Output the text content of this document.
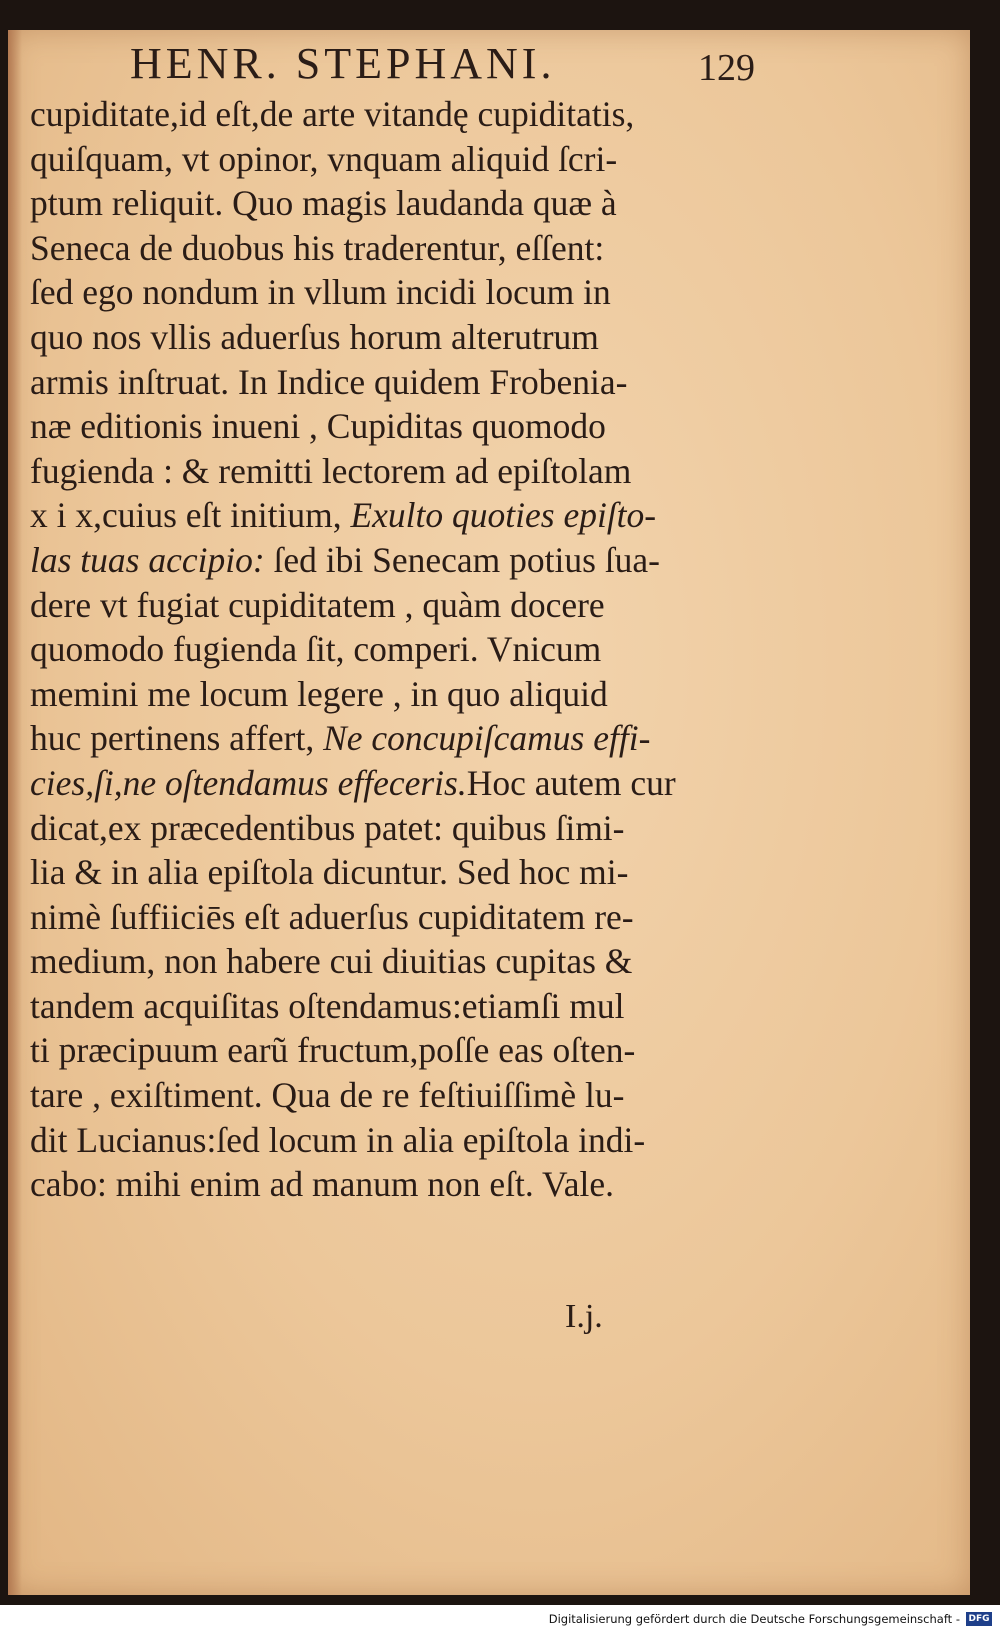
HENR. STEPHANI.	129
cupiditate,id eſt,de arte vitandę cupiditatis,
quiſquam, vt opinor, vnquam aliquid ſcri-
ptum reliquit. Quo magis laudanda quæ à
Seneca de duobus his traderentur, eſſent:
ſed ego nondum in vllum incidi locum in
quo nos vllis aduerſus horum alterutrum
armis inſtruat. In Indice quidem Frobenia-
næ editionis inueni , Cupiditas quomodo
fugienda : & remitti lectorem ad epiſtolam
x i x,cuius eſt initium, Exulto quoties epiſto-
las tuas accipio: ſed ibi Senecam potius ſua-
dere vt fugiat cupiditatem , quàm docere
quomodo fugienda ſit, comperi. Vnicum
memini me locum legere , in quo aliquid
huc pertinens affert, Ne concupiſcamus effi-
cies,ſi,ne oſtendamus effeceris.Hoc autem cur
dicat,ex præcedentibus patet: quibus ſimi-
lia & in alia epiſtola dicuntur. Sed hoc mi-
nimè ſuffiiciēs eſt aduerſus cupiditatem re-
medium, non habere cui diuitias cupitas &
tandem acquiſitas oſtendamus:etiamſi mul
ti præcipuum earũ fructum,poſſe eas oſten-
tare , exiſtiment. Qua de re feſtiuiſſimè lu-
dit Lucianus:ſed locum in alia epiſtola indi-
cabo: mihi enim ad manum non eſt. Vale.
I.j.
Digitalisierung gefördert durch die Deutsche Forschungsgemeinschaft - DFG
